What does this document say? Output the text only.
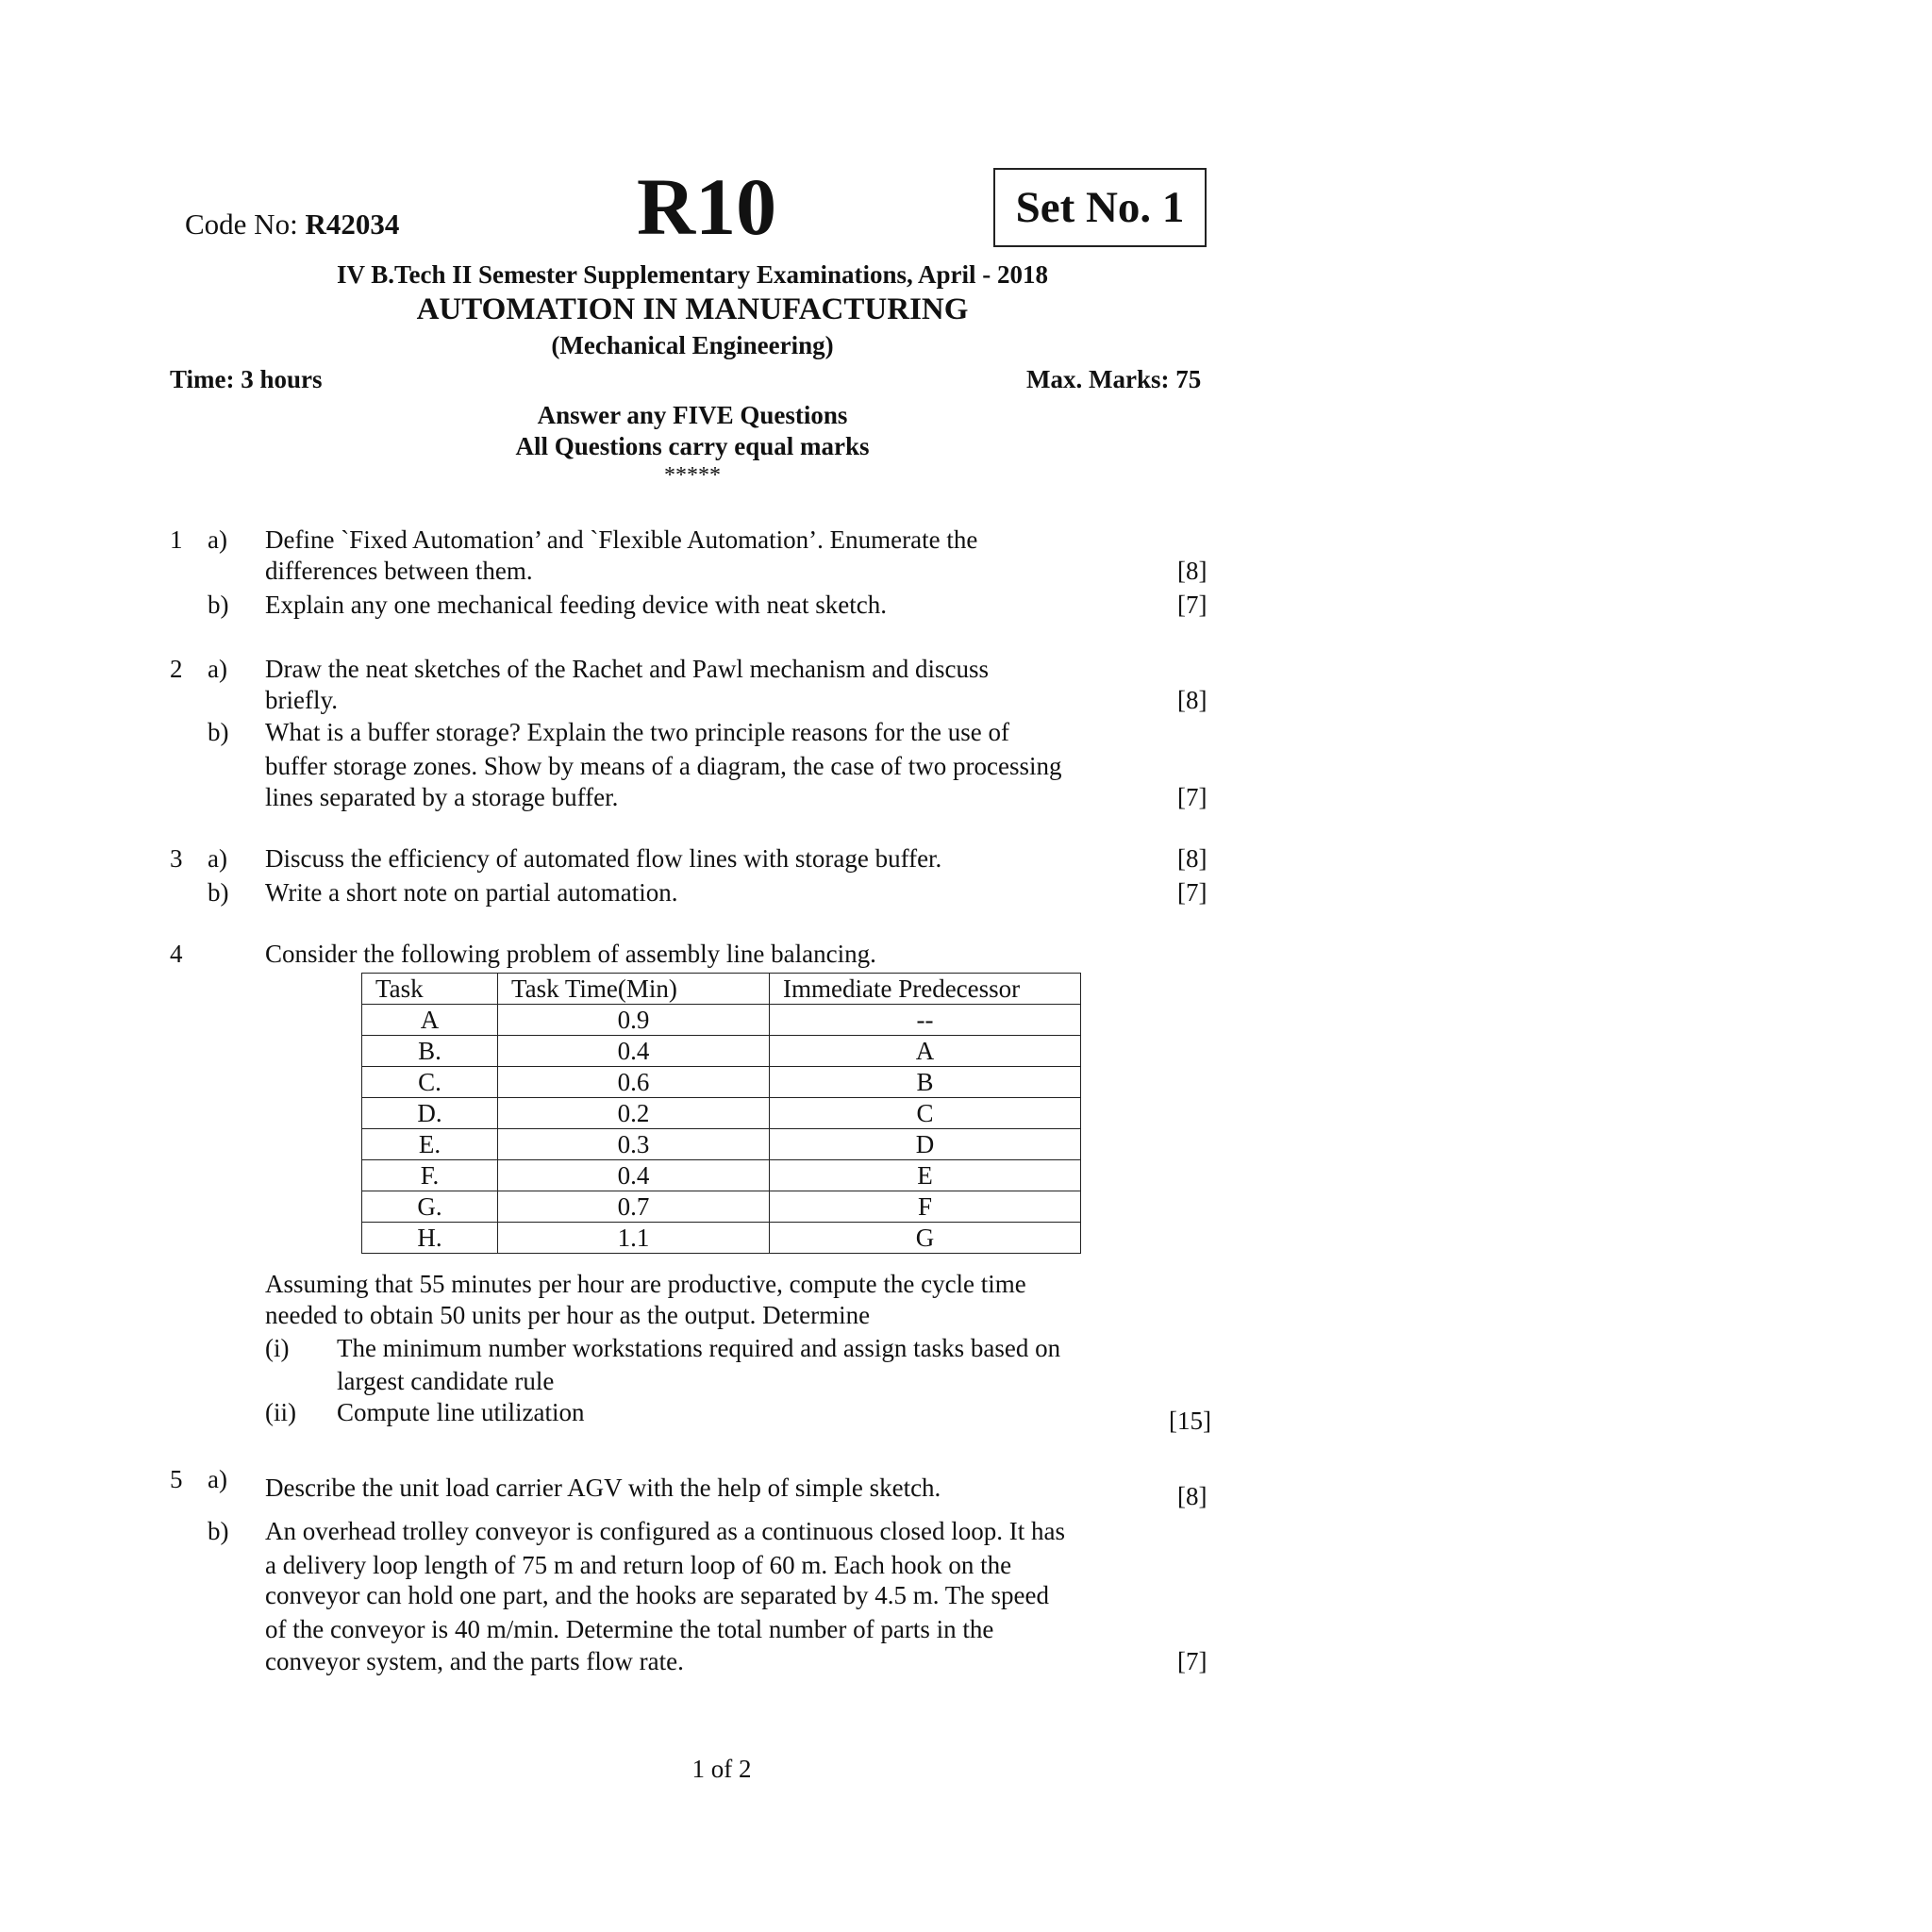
Code No: R42034	R10	Set No. 1
IV B.Tech II Semester Supplementary Examinations, April - 2018
AUTOMATION IN MANUFACTURING
(Mechanical Engineering)
Time: 3 hours	Max. Marks: 75
Answer any FIVE Questions
All Questions carry equal marks
*****
1 a) Define `Fixed Automation’ and `Flexible Automation’. Enumerate the
differences between them.	[8]
b) Explain any one mechanical feeding device with neat sketch.	[7]
2 a) Draw the neat sketches of the Rachet and Pawl mechanism and discuss
briefly.	[8]
b) What is a buffer storage? Explain the two principle reasons for the use of
buffer storage zones. Show by means of a diagram, the case of two processing
lines separated by a storage buffer.	[7]
3 a) Discuss the efficiency of automated flow lines with storage buffer.	[8]
b) Write a short note on partial automation.	[7]
4	Consider the following problem of assembly line balancing.
Task	Task Time(Min)	Immediate Predecessor
A	0.9	--
B.	0.4	A
C.	0.6	B
D.	0.2	C
E.	0.3	D
F.	0.4	E
G.	0.7	F
H.	1.1	G
Assuming that 55 minutes per hour are productive, compute the cycle time
needed to obtain 50 units per hour as the output. Determine
(i) The minimum number workstations required and assign tasks based on
largest candidate rule
(ii) Compute line utilization	[15]
5 a) Describe the unit load carrier AGV with the help of simple sketch.	[8]
b) An overhead trolley conveyor is configured as a continuous closed loop. It has
a delivery loop length of 75 m and return loop of 60 m. Each hook on the
conveyor can hold one part, and the hooks are separated by 4.5 m. The speed
of the conveyor is 40 m/min. Determine the total number of parts in the
conveyor system, and the parts flow rate.	[7]
1 of 2
